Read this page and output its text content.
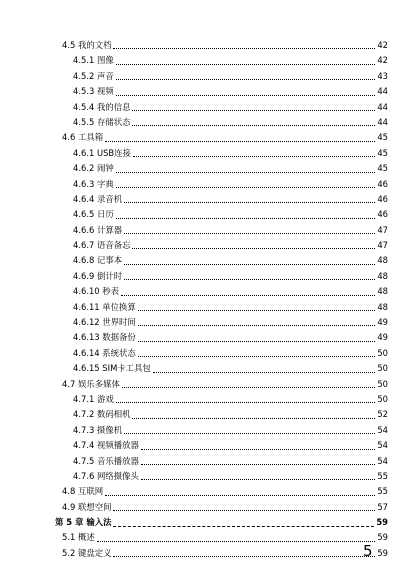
4.5 我的文档	42
4.5.1 图像	42
4.5.2 声音	43
4.5.3 视频	44
4.5.4 我的信息	44
4.5.5 存储状态	44
4.6 工具箱	45
4.6.1 USB连接	45
4.6.2 闹钟	45
4.6.3 字典	46
4.6.4 录音机	46
4.6.5 日历	46
4.6.6 计算器	47
4.6.7 语音备忘	47
4.6.8 记事本	48
4.6.9 倒计时	48
4.6.10 秒表	48
4.6.11 单位换算	48
4.6.12 世界时间	49
4.6.13 数据备份	49
4.6.14 系统状态	50
4.6.15 SIM卡工具包	50
4.7 娱乐多媒体	50
4.7.1 游戏	50
4.7.2 数码相机	52
4.7.3 摄像机	54
4.7.4 视频播放器	54
4.7.5 音乐播放器	54
4.7.6 网络摄像头	55
4.8 互联网	55
4.9 联想空间	57
第 5 章 输入法	59
5.1 概述	59
5.2 键盘定义	59
5
